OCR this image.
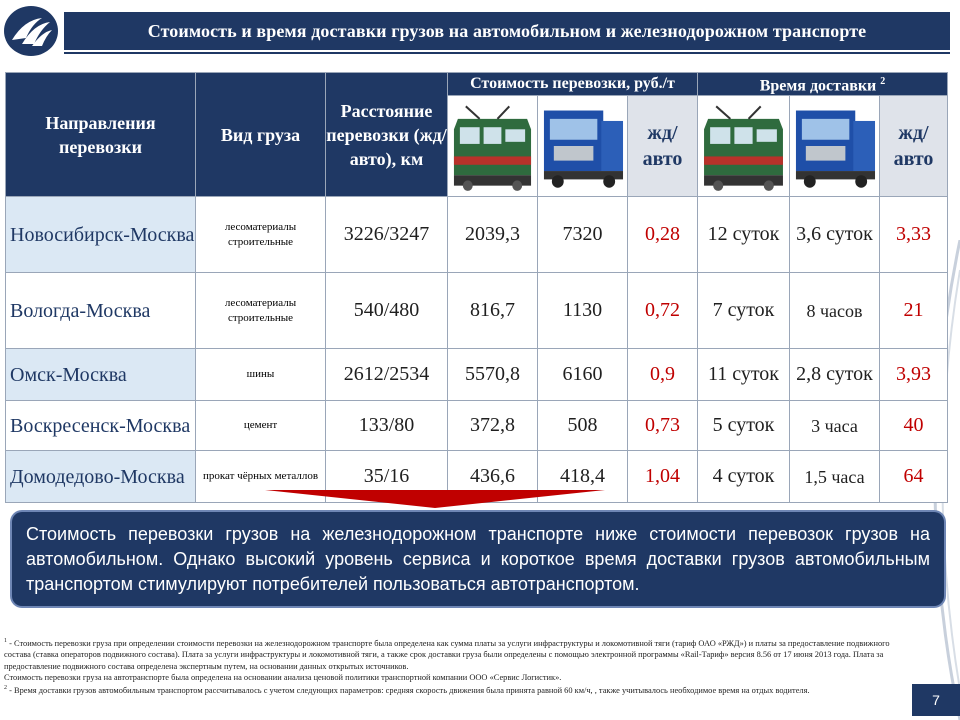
Стоимость и время доставки грузов на автомобильном и железнодорожном транспорте
Направления перевозки	Вид груза	Расстояние перевозки (жд/авто), км	Стоимость перевозки, руб./т			Время доставки $^2$

	жд/ авто			жд/ авто
Новосибирск-Москва	лесоматериалы строительные	3226/3247	2039,3	7320	0,28	12 суток	3,6 суток	3,33
Вологда-Москва	лесоматериалы строительные	540/480	816,7	1130	0,72	7 суток	8 часов	21
Омск-Москва	шины	2612/2534	5570,8	6160	0,9	11 суток	2,8 суток	3,93
Воскресенск-Москва	цемент	133/80	372,8	508	0,73	5 суток	3 часа	40
Домодедово-Москва	прокат чёрных металлов	35/16	436,6	418,4	1,04	4 суток	1,5 часа	64
Стоимость перевозки грузов на железнодорожном транспорте ниже стоимости перевозок грузов на автомобильном. Однако высокий уровень сервиса и короткое время доставки грузов автомобильным транспортом стимулируют потребителей пользоваться автотранспортом.

$^1$ - Стоимость перевозки груза при определении стоимости перевозки на железнодорожном транспорте была определена как сумма платы за услуги инфраструктуры и локомотивной тяги (тариф ОАО «РЖД») и платы за предоставление подвижного состава (ставка операторов подвижного состава). Плата за услуги инфраструктуры и локомотивной тяги, а также срок доставки груза были определены с помощью электронной программы «Rail-Тариф» версия 8.56 от 17 июня 2013 года. Плата за предоставление подвижного состава определена экспертным путем, на основании данных открытых источников.

Стоимость перевозки груза на автотранспорте была определена на основании анализа ценовой политики транспортной компании ООО «Сервис Логистик».

$^2$ - Время доставки грузов автомобильным транспортом рассчитывалось с учетом следующих параметров: средняя скорость движения была принята равной 60 км/ч, , также учитывалось необходимое время на отдых водителя.

7
